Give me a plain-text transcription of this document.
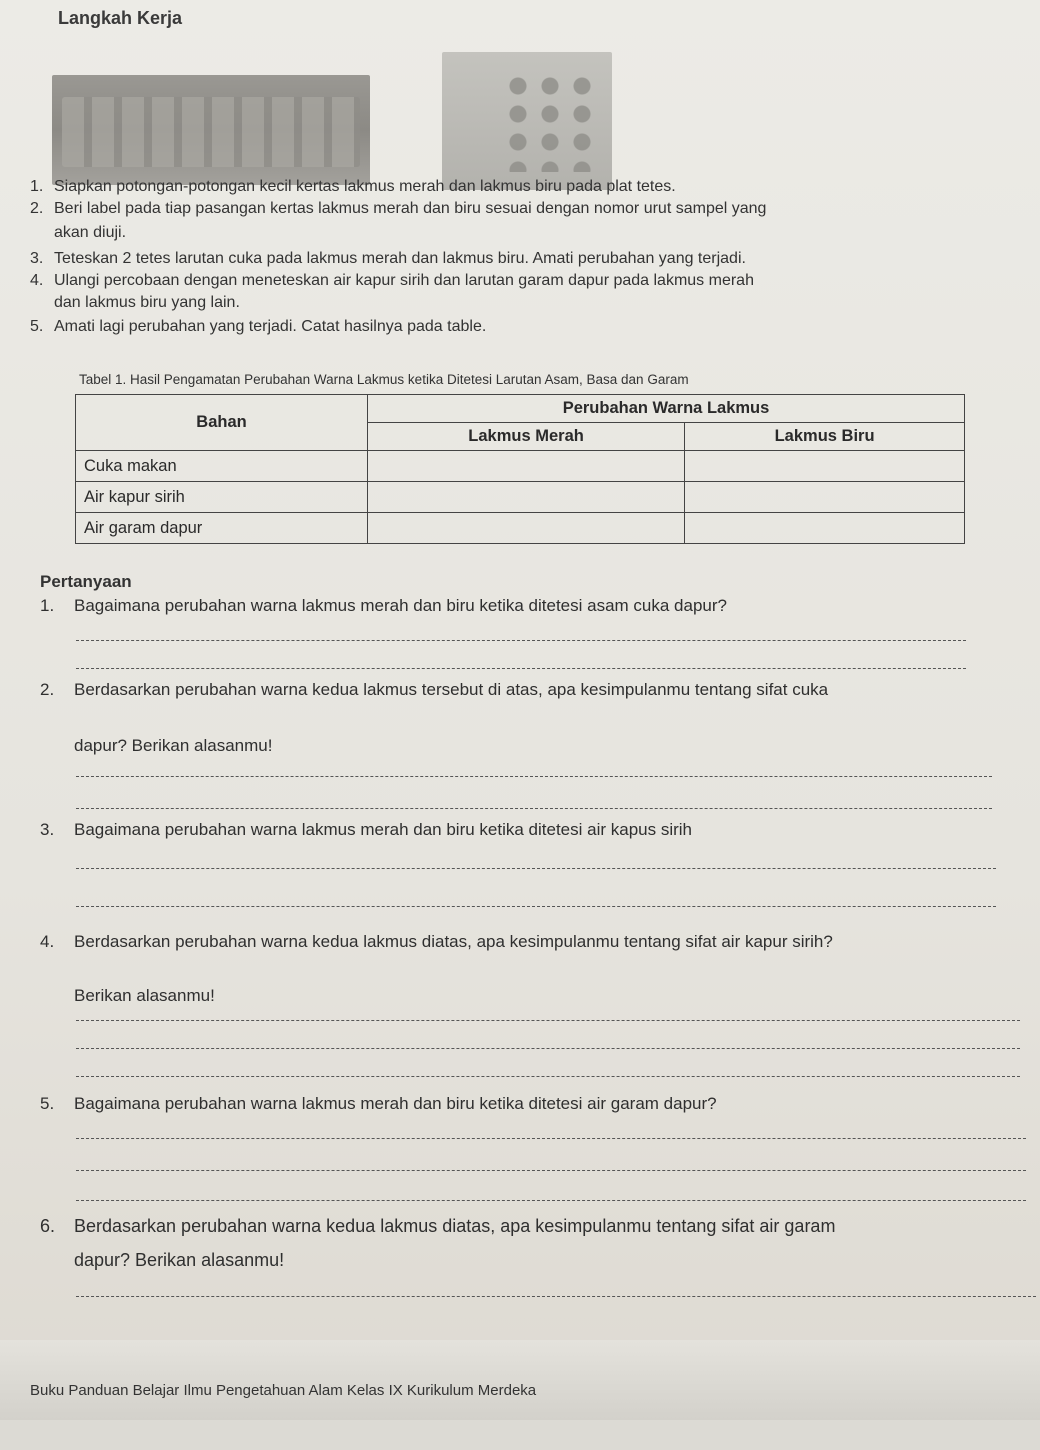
Langkah Kerja
1. Siapkan potongan-potongan kecil kertas lakmus merah dan lakmus biru pada plat tetes.
2. Beri label pada tiap pasangan kertas lakmus merah dan biru sesuai dengan nomor urut sampel yang
akan diuji.
3. Teteskan 2 tetes larutan cuka pada lakmus merah dan lakmus biru. Amati perubahan yang terjadi.
4. Ulangi percobaan dengan meneteskan air kapur sirih dan larutan garam dapur pada lakmus merah
dan lakmus biru yang lain.
5. Amati lagi perubahan yang terjadi. Catat hasilnya pada table.
Tabel 1. Hasil Pengamatan Perubahan Warna Lakmus ketika Ditetesi Larutan Asam, Basa dan Garam
Bahan	Perubahan Warna Lakmus	
	Lakmus Merah	Lakmus Biru
Cuka makan		
Air kapur sirih		
Air garam dapur		
Pertanyaan
1. Bagaimana perubahan warna lakmus merah dan biru ketika ditetesi asam cuka dapur?
2. Berdasarkan perubahan warna kedua lakmus tersebut di atas, apa kesimpulanmu tentang sifat cuka
dapur? Berikan alasanmu!
3. Bagaimana perubahan warna lakmus merah dan biru ketika ditetesi air kapus sirih
4. Berdasarkan perubahan warna kedua lakmus diatas, apa kesimpulanmu tentang sifat air kapur sirih?
Berikan alasanmu!
5. Bagaimana perubahan warna lakmus merah dan biru ketika ditetesi air garam dapur?
6. Berdasarkan perubahan warna kedua lakmus diatas, apa kesimpulanmu tentang sifat air garam
dapur? Berikan alasanmu!
Buku Panduan Belajar Ilmu Pengetahuan Alam Kelas IX Kurikulum Merdeka
